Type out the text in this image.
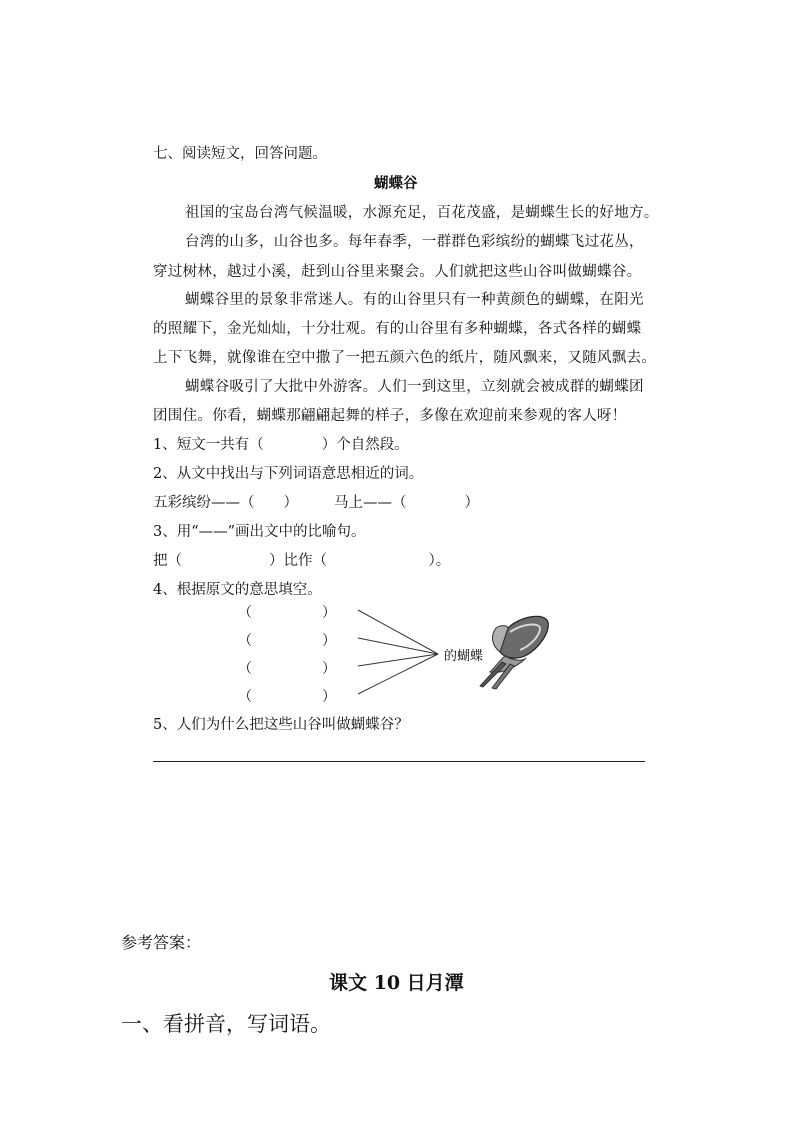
七、阅读短文，回答问题。
蝴蝶谷
祖国的宝岛台湾气候温暖，水源充足，百花茂盛，是蝴蝶生长的好地方。
台湾的山多，山谷也多。每年春季，一群群色彩缤纷的蝴蝶飞过花丛，
穿过树林，越过小溪，赶到山谷里来聚会。人们就把这些山谷叫做蝴蝶谷。
蝴蝶谷里的景象非常迷人。有的山谷里只有一种黄颜色的蝴蝶，在阳光
的照耀下，金光灿灿，十分壮观。有的山谷里有多种蝴蝶，各式各样的蝴蝶
上下飞舞，就像谁在空中撒了一把五颜六色的纸片，随风飘来，又随风飘去。
蝴蝶谷吸引了大批中外游客。人们一到这里，立刻就会被成群的蝴蝶团
团围住。你看，蝴蝶那翩翩起舞的样子，多像在欢迎前来参观的客人呀！
1、短文一共有（　　　　）个自然段。
2、从文中找出与下列词语意思相近的词。
五彩缤纷——（　　） 马上——（　　　　）
3、用“——”画出文中的比喻句。
把（　　　　　　）比作（　　　　　　　）。
4、根据原文的意思填空。
（　　　　　）
（　　　　　）
（　　　　　）
（　　　　　）
的蝴蝶
5、人们为什么把这些山谷叫做蝴蝶谷？
参考答案：
课文 10 日月潭
一、看拼音，写词语。
